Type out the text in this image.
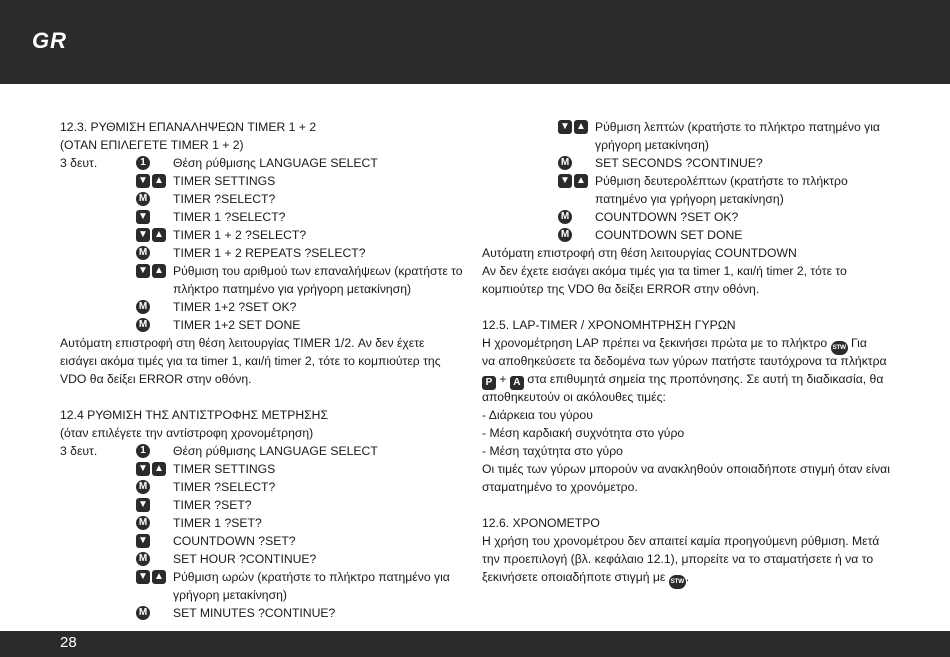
GR
12.3. ΡΥΘΜΙΣΗ ΕΠΑΝΑΛΗΨΕΩΝ TIMER 1 + 2
(ΟΤΑΝ ΕΠΙΛΕΓΕΤΕ TIMER 1 + 2)
3 δευτ.	1	Θέση ρύθμισης LANGUAGE SELECT
▼ ▲ TIMER SETTINGS
M TIMER ?SELECT?
▼ TIMER 1 ?SELECT?
▼ ▲ TIMER 1 + 2 ?SELECT?
M TIMER 1 + 2 REPEATS ?SELECT?
▼ ▲ Ρύθμιση του αριθμού των επαναλήψεων (κρατήστε το πλήκτρο πατημένο για γρήγορη μετακίνηση)
M TIMER 1+2 ?SET OK?
M TIMER 1+2 SET DONE
Αυτόματη επιστροφή στη θέση λειτουργίας TIMER 1/2. Αν δεν έχετε εισάγει ακόμα τιμές για τα timer 1, και/ή timer 2, τότε το κομπιούτερ της VDO θα δείξει ERROR στην οθόνη.
12.4 ΡΥΘΜΙΣΗ ΤΗΣ ΑΝΤΙΣΤΡΟΦΗΣ ΜΕΤΡΗΣΗΣ
(όταν επιλέγετε την αντίστροφη χρονομέτρηση)
3 δευτ.	1	Θέση ρύθμισης LANGUAGE SELECT
▼ ▲ TIMER SETTINGS
M TIMER ?SELECT?
▼ TIMER ?SET?
M TIMER 1 ?SET?
▼ COUNTDOWN ?SET?
M SET HOUR ?CONTINUE?
▼ ▲ Ρύθμιση ωρών (κρατήστε το πλήκτρο πατημένο για γρήγορη μετακίνηση)
M SET MINUTES ?CONTINUE?
▼ ▲ Ρύθμιση λεπτών (κρατήστε το πλήκτρο πατημένο για γρήγορη μετακίνηση)
M SET SECONDS ?CONTINUE?
▼ ▲ Ρύθμιση δευτερολέπτων (κρατήστε το πλήκτρο πατημένο για γρήγορη μετακίνηση)
M COUNTDOWN ?SET OK?
M COUNTDOWN SET DONE
Αυτόματη επιστροφή στη θέση λειτουργίας COUNTDOWN
Αν δεν έχετε εισάγει ακόμα τιμές για τα timer 1, και/ή timer 2, τότε το
κομπιούτερ της VDO θα δείξει ERROR στην οθόνη.
12.5. LAP-TIMER / ΧΡΟΝΟΜΗΤΡΗΣΗ ΓΥΡΩΝ
Η χρονομέτρηση LAP πρέπει να ξεκινήσει πρώτα με το πλήκτρο STW Για
να αποθηκεύσετε τα δεδομένα των γύρων πατήστε ταυτόχρονα τα πλήκτρα
P + A στα επιθυμητά σημεία της προπόνησης. Σε αυτή τη διαδικασία, θα
αποθηκευτούν οι ακόλουθες τιμές:
- Διάρκεια του γύρου
- Μέση καρδιακή συχνότητα στο γύρο
- Μέση ταχύτητα στο γύρο
Οι τιμές των γύρων μπορούν να ανακληθούν οποιαδήποτε στιγμή όταν είναι
σταματημένο το χρονόμετρο.
12.6. ΧΡΟΝΟΜΕΤΡΟ
Η χρήση του χρονομέτρου δεν απαιτεί καμία προηγούμενη ρύθμιση. Μετά
την προεπιλογή (βλ. κεφάλαιο 12.1), μπορείτε να το σταματήσετε ή να το
ξεκινήσετε οποιαδήποτε στιγμή με STW .
28
